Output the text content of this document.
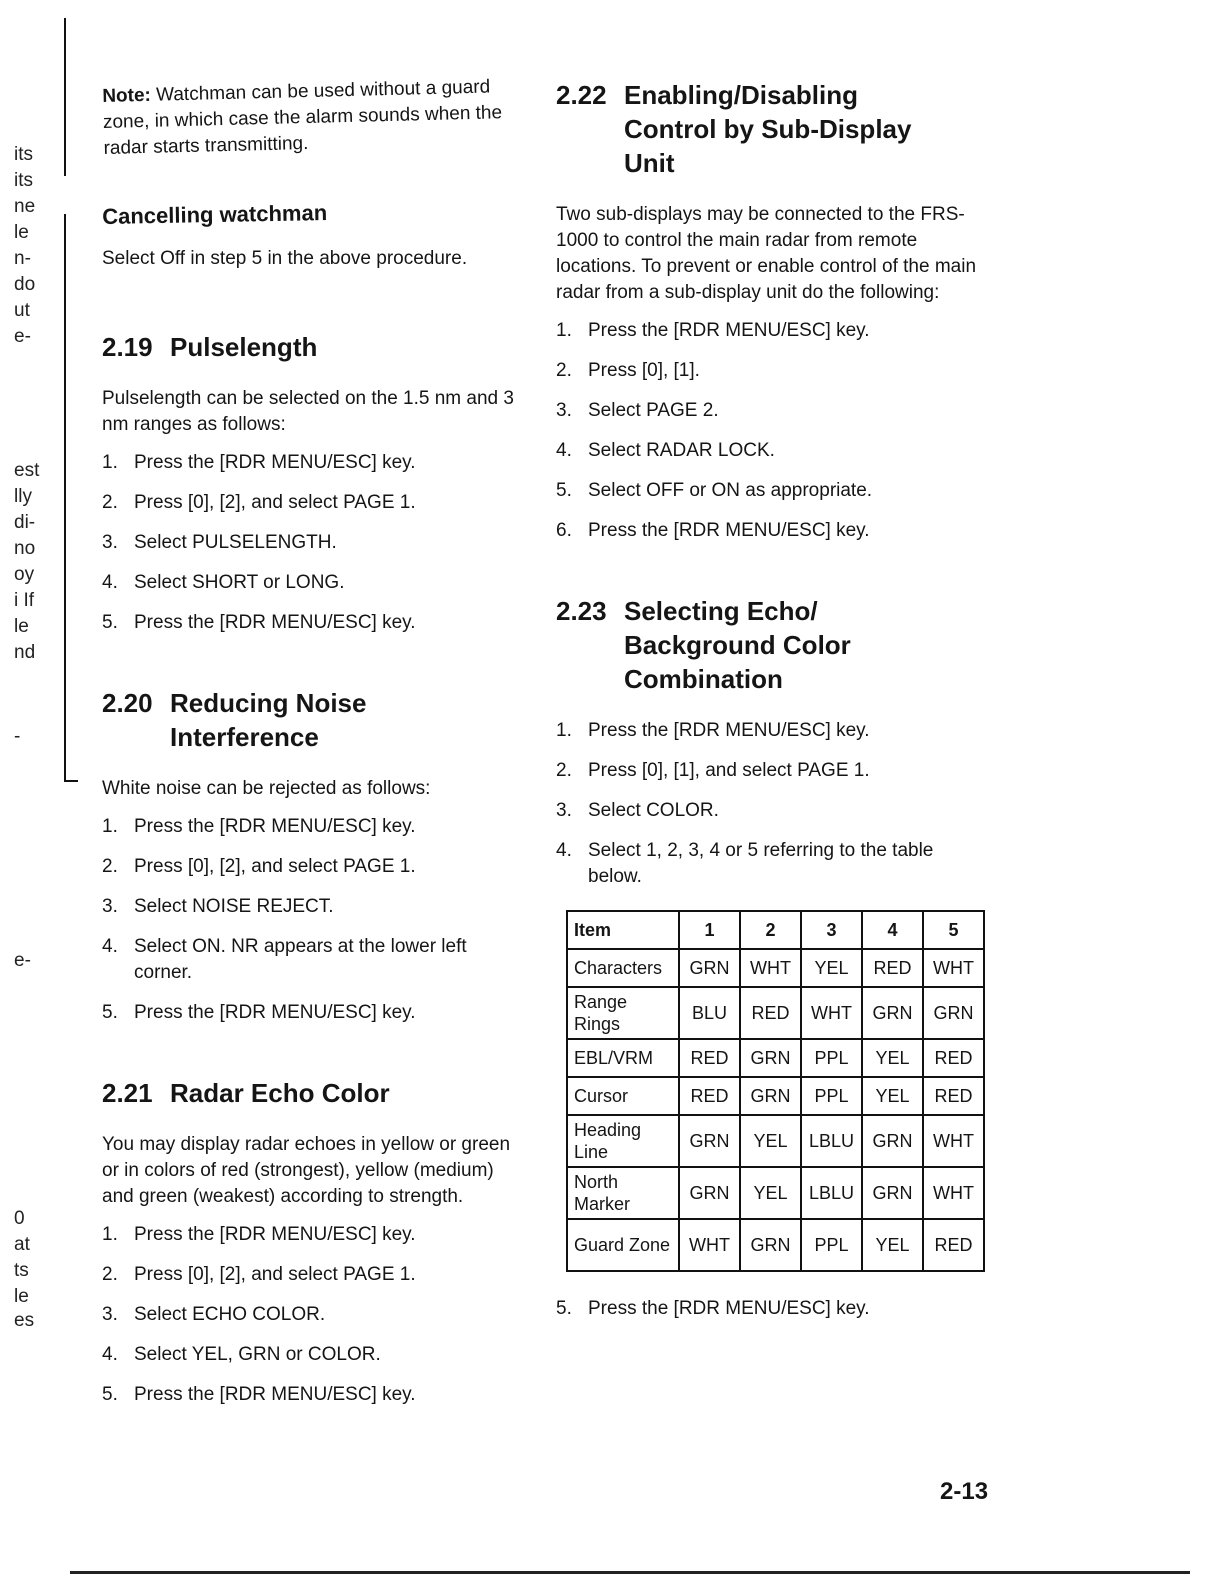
its
its
ne
le
n-
do
ut
e-
est
lly
di-
no
oy
i If
le
nd
-
e-
0
at
ts
le
es

Note: Watchman can be used without a guard zone, in which case the alarm sounds when the radar starts transmitting.

Cancelling watchman

Select Off in step 5 in the above procedure.

2.19 Pulselength

Pulselength can be selected on the 1.5 nm and 3 nm ranges as follows:

1. Press the [RDR MENU/ESC] key.
2. Press [0], [2], and select PAGE 1.
3. Select PULSELENGTH.
4. Select SHORT or LONG.
5. Press the [RDR MENU/ESC] key.
2.20 Reducing Noise
Interference

White noise can be rejected as follows:

1. Press the [RDR MENU/ESC] key.
2. Press [0], [2], and select PAGE 1.
3. Select NOISE REJECT.
4. Select ON. NR appears at the lower left corner.
5. Press the [RDR MENU/ESC] key.
2.21 Radar Echo Color

You may display radar echoes in yellow or green or in colors of red (strongest), yellow (medium) and green (weakest) according to strength.

1. Press the [RDR MENU/ESC] key.
2. Press [0], [2], and select PAGE 1.
3. Select ECHO COLOR.
4. Select YEL, GRN or COLOR.
5. Press the [RDR MENU/ESC] key.
2.22 Enabling/Disabling
Control by Sub-Display
Unit

Two sub-displays may be connected to the FRS-1000 to control the main radar from remote locations. To prevent or enable control of the main radar from a sub-display unit do the following:

1. Press the [RDR MENU/ESC] key.
2. Press [0], [1].
3. Select PAGE 2.
4. Select RADAR LOCK.
5. Select OFF or ON as appropriate.
6. Press the [RDR MENU/ESC] key.
2.23 Selecting Echo/
Background Color
Combination
1. Press the [RDR MENU/ESC] key.
2. Press [0], [1], and select PAGE 1.
3. Select COLOR.
4. Select 1, 2, 3, 4 or 5 referring to the table below.
Item	1	2	3	4	5
Characters	GRN	WHT	YEL	RED	WHT
Range Rings	BLU	RED	WHT	GRN	GRN
EBL/VRM	RED	GRN	PPL	YEL	RED
Cursor	RED	GRN	PPL	YEL	RED
Heading Line	GRN	YEL	LBLU	GRN	WHT
North Marker	GRN	YEL	LBLU	GRN	WHT
Guard Zone	WHT	GRN	PPL	YEL	RED
5. Press the [RDR MENU/ESC] key.
2-13
